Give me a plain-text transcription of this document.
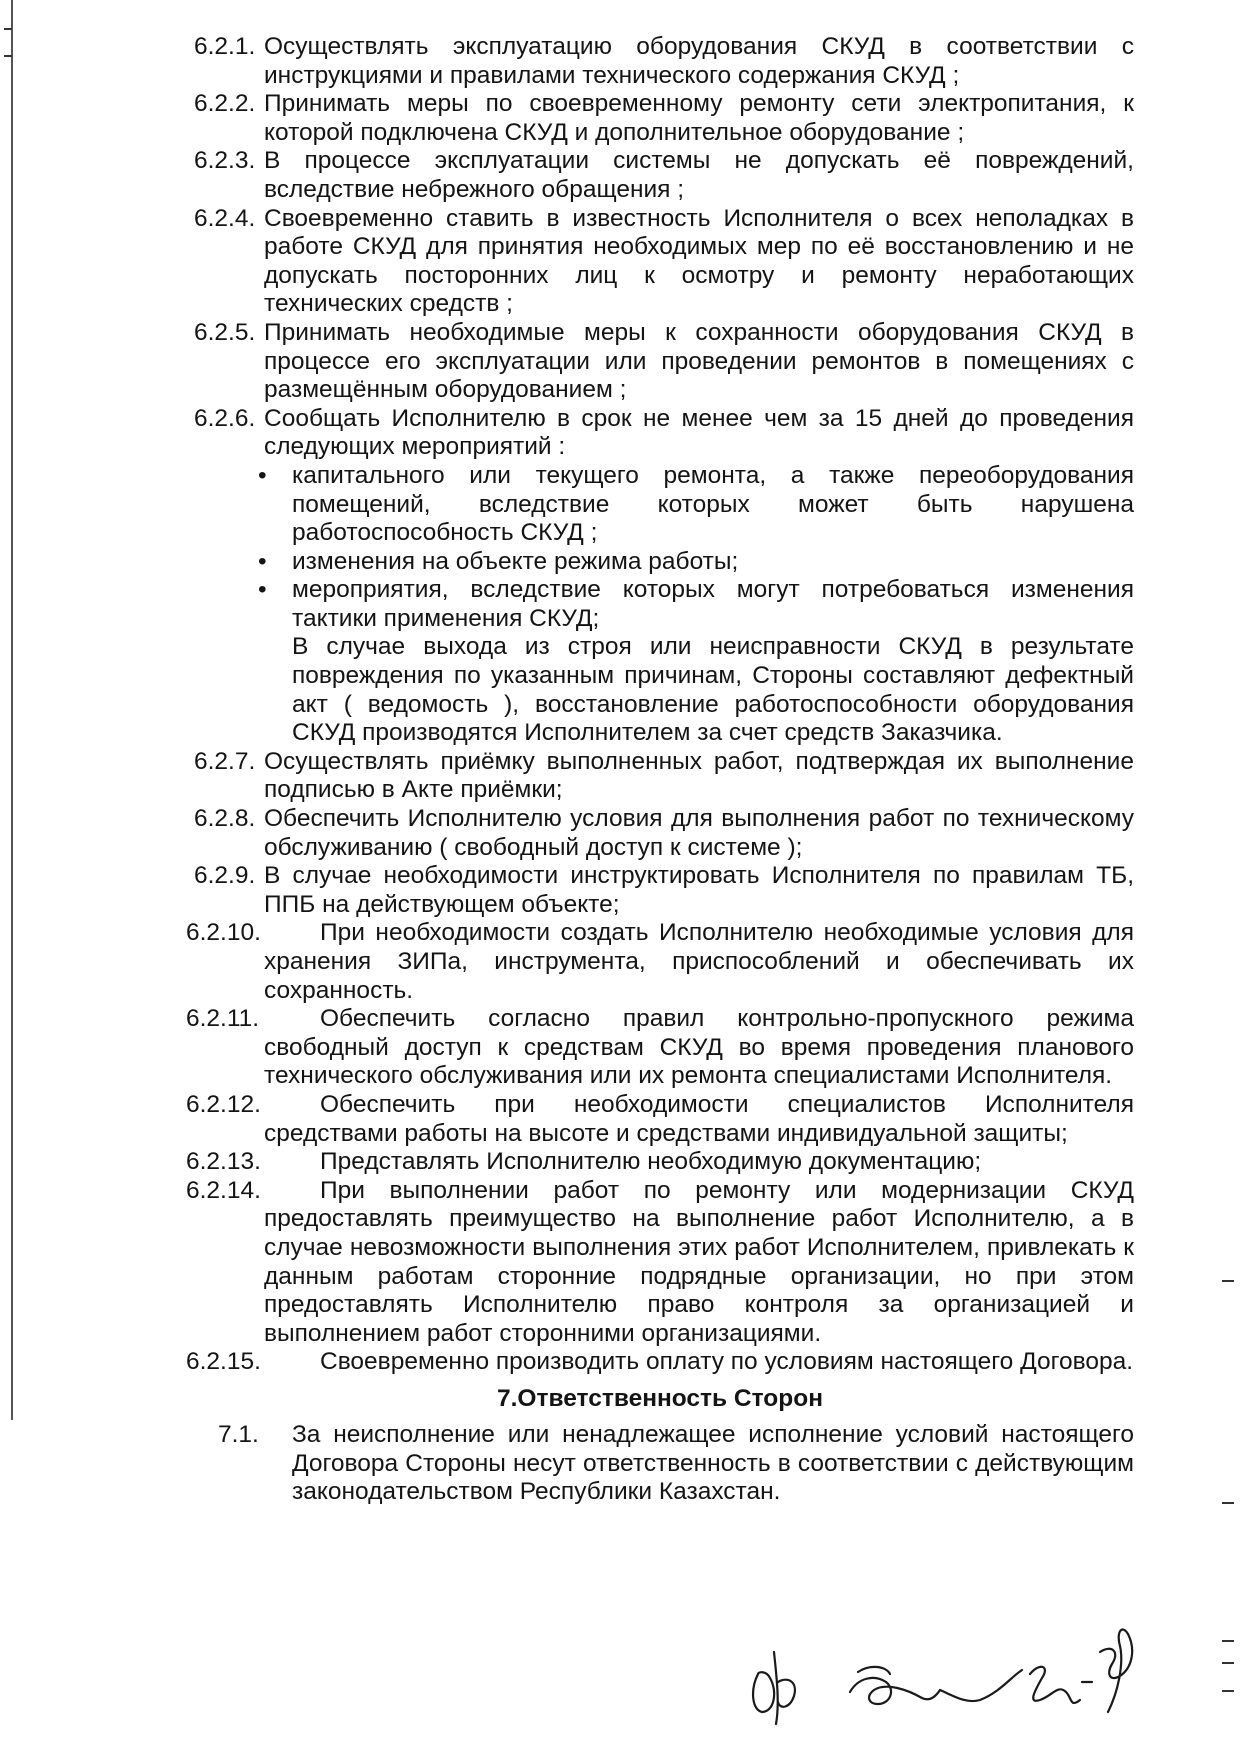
6.2.1. Осуществлять эксплуатацию оборудования СКУД в соответствии с инструкциями и правилами технического содержания СКУД ;
6.2.2. Принимать меры по своевременному ремонту сети электропитания, к которой подключена СКУД и дополнительное оборудование ;
6.2.3. В процессе эксплуатации системы не допускать её повреждений, вследствие небрежного обращения ;
6.2.4. Своевременно ставить в известность Исполнителя о всех неполадках в работе СКУД для принятия необходимых мер по её восстановлению и не допускать посторонних лиц к осмотру и ремонту неработающих технических средств ;
6.2.5. Принимать необходимые меры к сохранности оборудования СКУД в процессе его эксплуатации или проведении ремонтов в помещениях с размещённым оборудованием ;
6.2.6. Сообщать Исполнителю в срок не менее чем за 15 дней до проведения следующих мероприятий :
• капитального или текущего ремонта, а также переоборудования помещений, вследствие которых может быть нарушена работоспособность СКУД ;
• изменения на объекте режима работы;
• мероприятия, вследствие которых могут потребоваться изменения тактики применения СКУД;
В случае выхода из строя или неисправности СКУД в результате повреждения по указанным причинам, Стороны составляют дефектный акт ( ведомость ), восстановление работоспособности оборудования СКУД производятся Исполнителем за счет средств Заказчика.
6.2.7. Осуществлять приёмку выполненных работ, подтверждая их выполнение подписью в Акте приёмки;
6.2.8. Обеспечить Исполнителю условия для выполнения работ по техническому обслуживанию ( свободный доступ к системе );
6.2.9. В случае необходимости инструктировать Исполнителя по правилам ТБ, ППБ на действующем объекте;
6.2.10. При необходимости создать Исполнителю необходимые условия для хранения ЗИПа, инструмента, приспособлений и обеспечивать их сохранность.
6.2.11. Обеспечить согласно правил контрольно-пропускного режима свободный доступ к средствам СКУД во время проведения планового технического обслуживания или их ремонта специалистами Исполнителя.
6.2.12. Обеспечить при необходимости специалистов Исполнителя средствами работы на высоте и средствами индивидуальной защиты;
6.2.13. Представлять Исполнителю необходимую документацию;
6.2.14. При выполнении работ по ремонту или модернизации СКУД предоставлять преимущество на выполнение работ Исполнителю, а в случае невозможности выполнения этих работ Исполнителем, привлекать к данным работам сторонние подрядные организации, но при этом предоставлять Исполнителю право контроля за организацией и выполнением работ сторонними организациями.
6.2.15. Своевременно производить оплату по условиям настоящего Договора.
7.Ответственность Сторон
7.1. За неисполнение или ненадлежащее исполнение условий настоящего Договора Стороны несут ответственность в соответствии с действующим законодательством Республики Казахстан.
